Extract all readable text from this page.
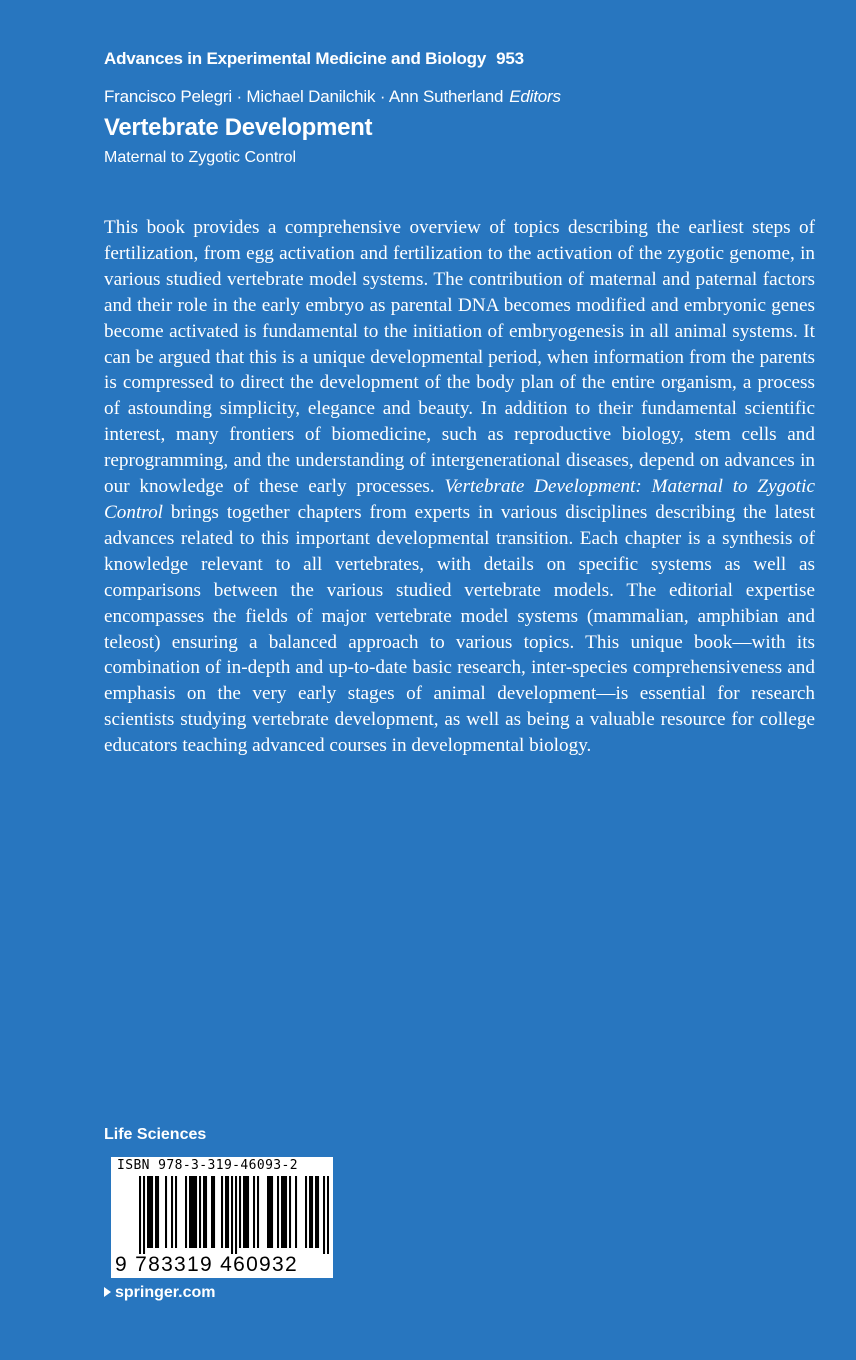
Advances in Experimental Medicine and Biology 953
Francisco Pelegri · Michael Danilchik · Ann Sutherland Editors
Vertebrate Development
Maternal to Zygotic Control

This book provides a comprehensive overview of topics describing the earliest steps of fertilization, from egg activation and fertilization to the activation of the zygotic genome, in various studied vertebrate model systems. The contribution of maternal and paternal factors and their role in the early embryo as parental DNA becomes modified and embryonic genes become activated is fundamental to the initiation of embryogenesis in all animal systems. It can be argued that this is a unique developmental period, when information from the parents is compressed to direct the development of the body plan of the entire organism, a process of astounding simplicity, elegance and beauty. In addition to their fundamental scientific interest, many frontiers of biomedicine, such as reproductive biology, stem cells and reprogramming, and the understanding of intergenerational diseases, depend on advances in our knowledge of these early processes. Vertebrate Development: Maternal to Zygotic Control brings together chapters from experts in various disciplines describing the latest advances related to this important developmental transition. Each chapter is a synthesis of knowledge relevant to all vertebrates, with details on specific systems as well as comparisons between the various studied vertebrate models. The editorial expertise encompasses the fields of major vertebrate model systems (mammalian, amphibian and teleost) ensuring a balanced approach to various topics. This unique book—with its combination of in-depth and up-to-date basic research, inter-species comprehensiveness and emphasis on the very early stages of animal development—is essential for research scientists studying vertebrate development, as well as being a valuable resource for college educators teaching advanced courses in developmental biology.

Life Sciences
ISBN 978-3-319-46093-2
9 783319 460932
springer.com
